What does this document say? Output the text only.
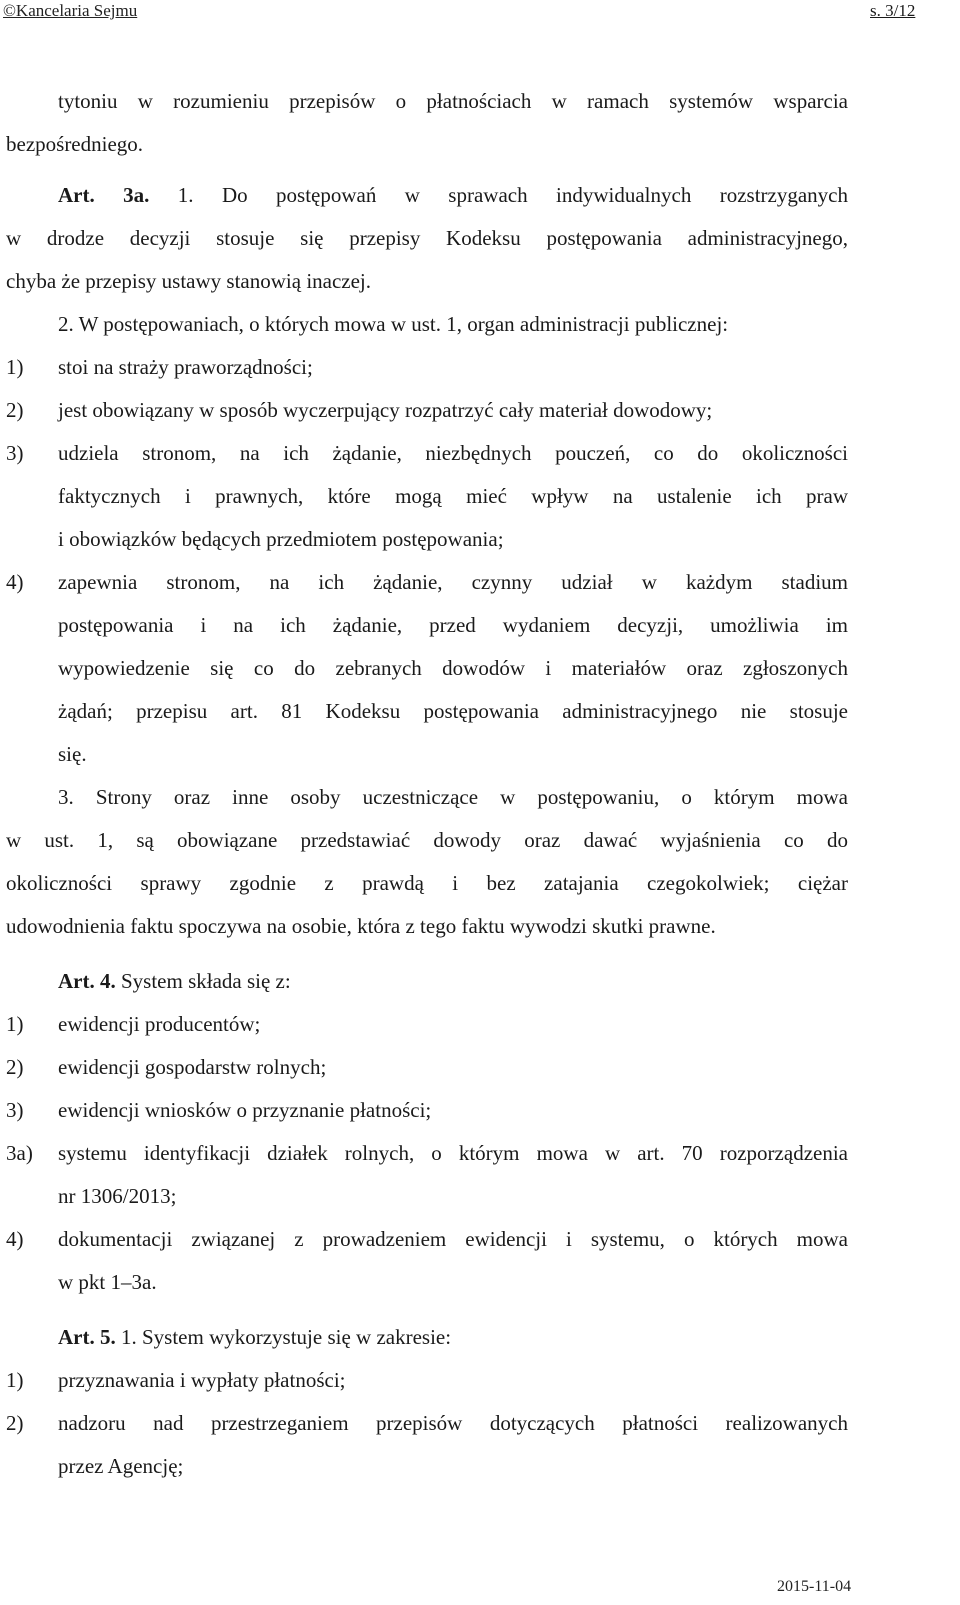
©Kancelaria Sejmu	s. 3/12
tytoniu w rozumieniu przepisów o płatnościach w ramach systemów wsparcia
bezpośredniego.
Art. 3a. 1. Do postępowań w sprawach indywidualnych rozstrzyganych
w drodze decyzji stosuje się przepisy Kodeksu postępowania administracyjnego,
chyba że przepisy ustawy stanowią inaczej.
2. W postępowaniach, o których mowa w ust. 1, organ administracji publicznej:
1)	stoi na straży praworządności;
2)	jest obowiązany w sposób wyczerpujący rozpatrzyć cały materiał dowodowy;
3)	udziela stronom, na ich żądanie, niezbędnych pouczeń, co do okoliczności
faktycznych i prawnych, które mogą mieć wpływ na ustalenie ich praw
i obowiązków będących przedmiotem postępowania;
4)	zapewnia stronom, na ich żądanie, czynny udział w każdym stadium
postępowania i na ich żądanie, przed wydaniem decyzji, umożliwia im
wypowiedzenie się co do zebranych dowodów i materiałów oraz zgłoszonych
żądań; przepisu art. 81 Kodeksu postępowania administracyjnego nie stosuje
się.
3. Strony oraz inne osoby uczestniczące w postępowaniu, o którym mowa
w ust. 1, są obowiązane przedstawiać dowody oraz dawać wyjaśnienia co do
okoliczności sprawy zgodnie z prawdą i bez zatajania czegokolwiek; ciężar
udowodnienia faktu spoczywa na osobie, która z tego faktu wywodzi skutki prawne.
Art. 4. System składa się z:
1)	ewidencji producentów;
2)	ewidencji gospodarstw rolnych;
3)	ewidencji wniosków o przyznanie płatności;
3a)	systemu identyfikacji działek rolnych, o którym mowa w art. 70 rozporządzenia
nr 1306/2013;
4)	dokumentacji związanej z prowadzeniem ewidencji i systemu, o których mowa
w pkt 1–3a.
Art. 5. 1. System wykorzystuje się w zakresie:
1)	przyznawania i wypłaty płatności;
2)	nadzoru nad przestrzeganiem przepisów dotyczących płatności realizowanych
przez Agencję;
2015-11-04
